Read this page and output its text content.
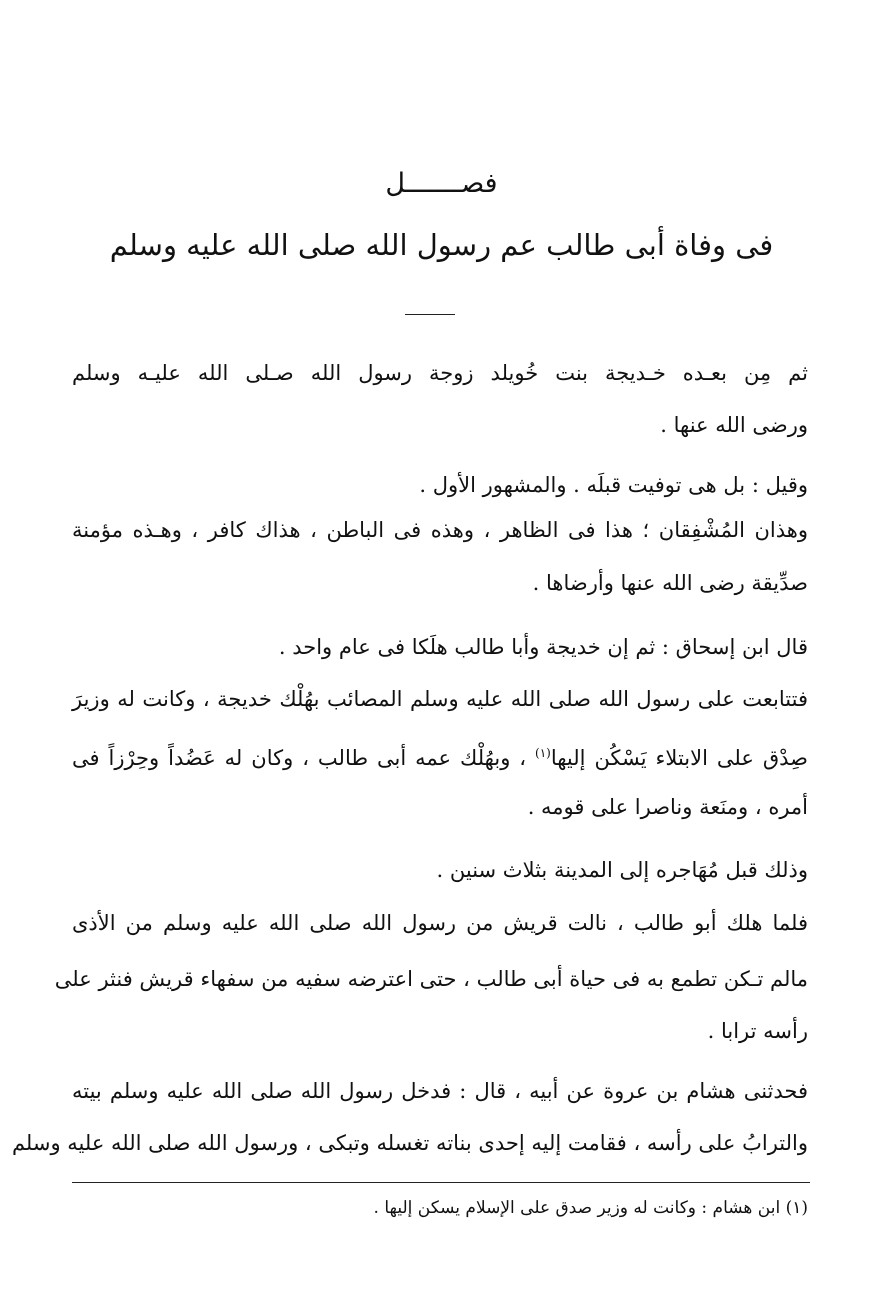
فصـــــــل
فى وفاة أبى طالب عم رسول الله صلى الله عليه وسلم
ثم مِن بعـده خـديجة بنت خُويلد زوجة رسول الله صـلى الله عليـه وسلم
ورضى الله عنها .
وقيل : بل هى توفيت قبلَه . والمشهور الأول .
وهذان المُشْفِقان ؛ هذا فى الظاهر ، وهذه فى الباطن ، هذاك كافر ، وهـذه مؤمنة
صدِّيقة رضى الله عنها وأرضاها .
قال ابن إسحاق : ثم إن خديجة وأبا طالب هلَكا فى عام واحد .
فتتابعت على رسول الله صلى الله عليه وسلم المصائب بهُلْك خديجة ، وكانت له وزيرَ
صِدْق على الابتلاء يَسْكُن إليها$^{(١)}$ ، وبهُلْك عمه أبى طالب ، وكان له عَضُداً وحِرْزاً فى
أمره ، ومنَعة وناصرا على قومه .
وذلك قبل مُهَاجره إلى المدينة بثلاث سنين .
فلما هلك أبو طالب ، نالت قريش من رسول الله صلى الله عليه وسلم من الأذى
مالم تـكن تطمع به فى حياة أبى طالب ، حتى اعترضه سفيه من سفهاء قريش فنثر على
رأسه ترابا .
فحدثنى هشام بن عروة عن أبيه ، قال : فدخل رسول الله صلى الله عليه وسلم بيته
والترابُ على رأسه ، فقامت إليه إحدى بناته تغسله وتبكى ، ورسول الله صلى الله عليه وسلم
(١) ابن هشام : وكانت له وزير صدق على الإسلام يسكن إليها .
